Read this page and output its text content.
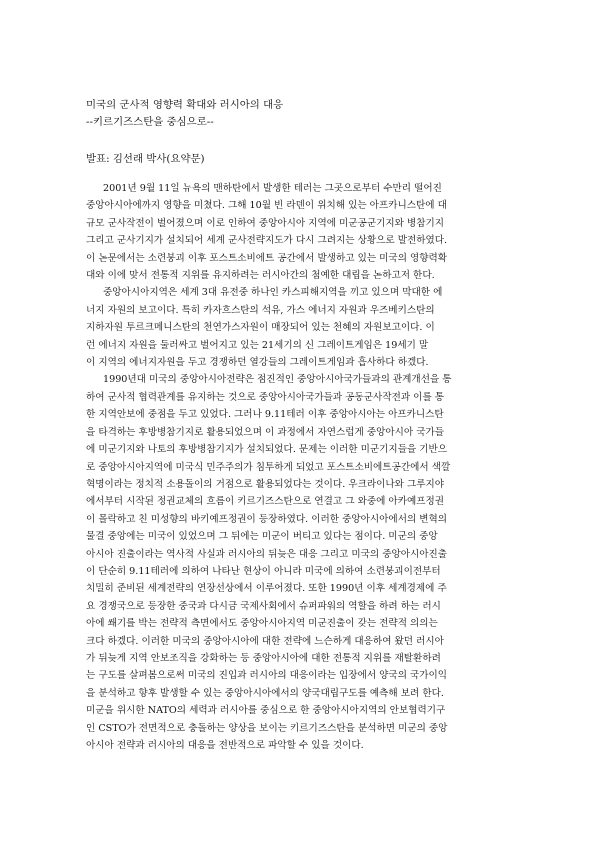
미국의 군사적 영향력 확대와 러시아의 대응
--키르기즈스탄을 중심으로--
발표: 김선래 박사(요약문)
2001년 9월 11일 뉴욕의 맨하탄에서 발생한 테러는 그곳으로부터 수만리 떨어진
중앙아시아에까지 영향을 미쳤다. 그해 10월 빈 라덴이 위치해 있는 아프카니스탄에 대
규모 군사작전이 벌어졌으며 이로 인하여 중앙아시아 지역에 미군공군기지와 병참기지
그리고 군사기지가 설치되어 세계 군사전략지도가 다시 그려지는 상황으로 발전하였다.
이 논문에서는 소련붕괴 이후 포스트소비에트 공간에서 발생하고 있는 미국의 영향력확
대와 이에 맞서 전통적 지위를 유지하려는 러시아간의 첨예한 대립을 논하고저 한다.
중앙아시아지역은 세계 3대 유전중 하나인 카스피해지역을 끼고 있으며 막대한 에
너지 자원의 보고이다. 특히 카자흐스탄의 석유, 가스 에너지 자원과 우즈베키스탄의
지하자원 투르크메니스탄의 천연가스자원이 매장되어 있는 천혜의 자원보고이다. 이
런 에너지 자원을 둘러싸고 벌어지고 있는 21세기의 신 그레이트게임은 19세기 말
이 지역의 에너지자원을 두고 경쟁하던 열강들의 그레이트게임과 흡사하다 하겠다.
1990년대 미국의 중앙아시아전략은 점진적인 중앙아시아국가들과의 관계개선을 통
하여 군사적 협력관계를 유지하는 것으로 중앙아시아국가들과 공동군사작전과 이를 통
한 지역안보에 중점을 두고 있었다. 그러나 9.11테러 이후 중앙아시아는 아프카니스탄
을 타격하는 후방병참기지로 활용되었으며 이 과정에서 자연스럽게 중앙아시아 국가들
에 미군기지와 나토의 후방병참기지가 설치되었다. 문제는 이러한 미군기지들을 기반으
로 중앙아시아지역에 미국식 민주주의가 침투하게 되었고 포스트소비에트공간에서 색깔
혁명이라는 정치적 소용돌이의 거점으로 활용되었다는 것이다. 우크라이나와 그루지야
에서부터 시작된 정권교체의 흐름이 키르기즈스탄으로 연결고 그 와중에 아카예프정권
이 몰락하고 친 미성향의 바키예프정권이 등장하였다. 이러한 중앙아시아에서의 변혁의
물결 중앙에는 미국이 있었으며 그 뒤에는 미군이 버티고 있다는 점이다. 미군의 중앙
아시아 진출이라는 역사적 사실과 러시아의 뒤늦은 대응 그리고 미국의 중앙아시아진출
이 단순히 9.11테러에 의하여 나타난 현상이 아니라 미국에 의하여 소련붕괴이전부터
치밀히 준비된 세계전략의 연장선상에서 이루어졌다. 또한 1990년 이후 세계경제에 주
요 경쟁국으로 등장한 중국과 다시금 국제사회에서 슈퍼파워의 역할을 하려 하는 러시
아에 쐐기를 박는 전략적 측면에서도 중앙아시아지역 미군진출이 갖는 전략적 의의는
크다 하겠다. 이러한 미국의 중앙아시아에 대한 전략에 느슨하게 대응하여 왔던 러시아
가 뒤늦게 지역 안보조직을 강화하는 등 중앙아시아에 대한 전통적 지위를 재탈환하려
는 구도를 살펴봄으로써 미국의 진입과 러시아의 대응이라는 입장에서 양국의 국가이익
을 분석하고 향후 발생할 수 있는 중앙아시아에서의 양국대립구도를 예측해 보려 한다.
미군을 위시한 NATO의 세력과 러시아를 중심으로 한 중앙아시아지역의 안보협력기구
인 CSTO가 전면적으로 충돌하는 양상을 보이는 키르기즈스탄을 분석하면 미군의 중앙
아시아 전략과 러시아의 대응을 전반적으로 파악할 수 있을 것이다.
